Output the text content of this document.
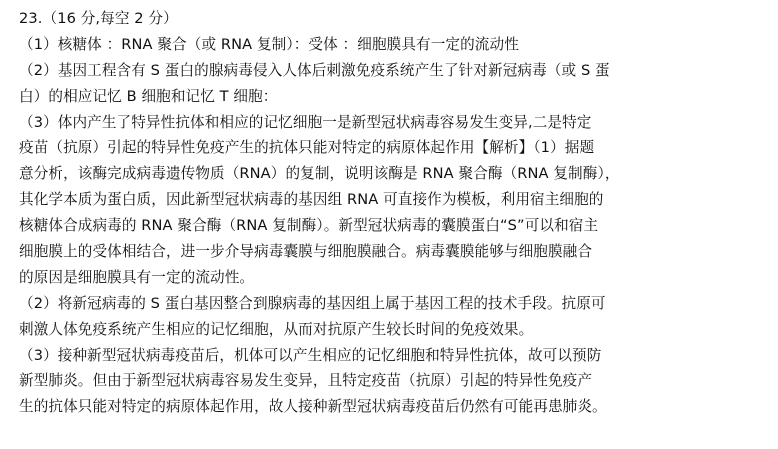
23.（16 分,每空 2 分）
（1）核糖体 ：RNA 聚合（或 RNA 复制）：受体 ：细胞膜具有一定的流动性
（2）基因工程含有 S 蛋白的腺病毒侵入人体后刺激免疫系统产生了针对新冠病毒（或 S 蛋
白）的相应记忆 B 细胞和记忆 T 细胞：
（3）体内产生了特异性抗体和相应的记忆细胞一是新型冠状病毒容易发生变异,二是特定
疫苗（抗原）引起的特异性免疫产生的抗体只能对特定的病原体起作用【解析】（1）据题
意分析，该酶完成病毒遗传物质（RNA）的复制，说明该酶是 RNA 聚合酶（RNA 复制酶），
其化学本质为蛋白质，因此新型冠状病毒的基因组 RNA 可直接作为模板，利用宿主细胞的
核糖体合成病毒的 RNA 聚合酶（RNA 复制酶）。新型冠状病毒的囊膜蛋白“S”可以和宿主
细胞膜上的受体相结合，进一步介导病毒囊膜与细胞膜融合。病毒囊膜能够与细胞膜融合
的原因是细胞膜具有一定的流动性。
（2）将新冠病毒的 S 蛋白基因整合到腺病毒的基因组上属于基因工程的技术手段。抗原可
刺激人体免疫系统产生相应的记忆细胞，从而对抗原产生较长时间的免疫效果。
（3）接种新型冠状病毒疫苗后，机体可以产生相应的记忆细胞和特异性抗体，故可以预防
新型肺炎。但由于新型冠状病毒容易发生变异，且特定疫苗（抗原）引起的特异性免疫产
生的抗体只能对特定的病原体起作用，故人接种新型冠状病毒疫苗后仍然有可能再患肺炎。
